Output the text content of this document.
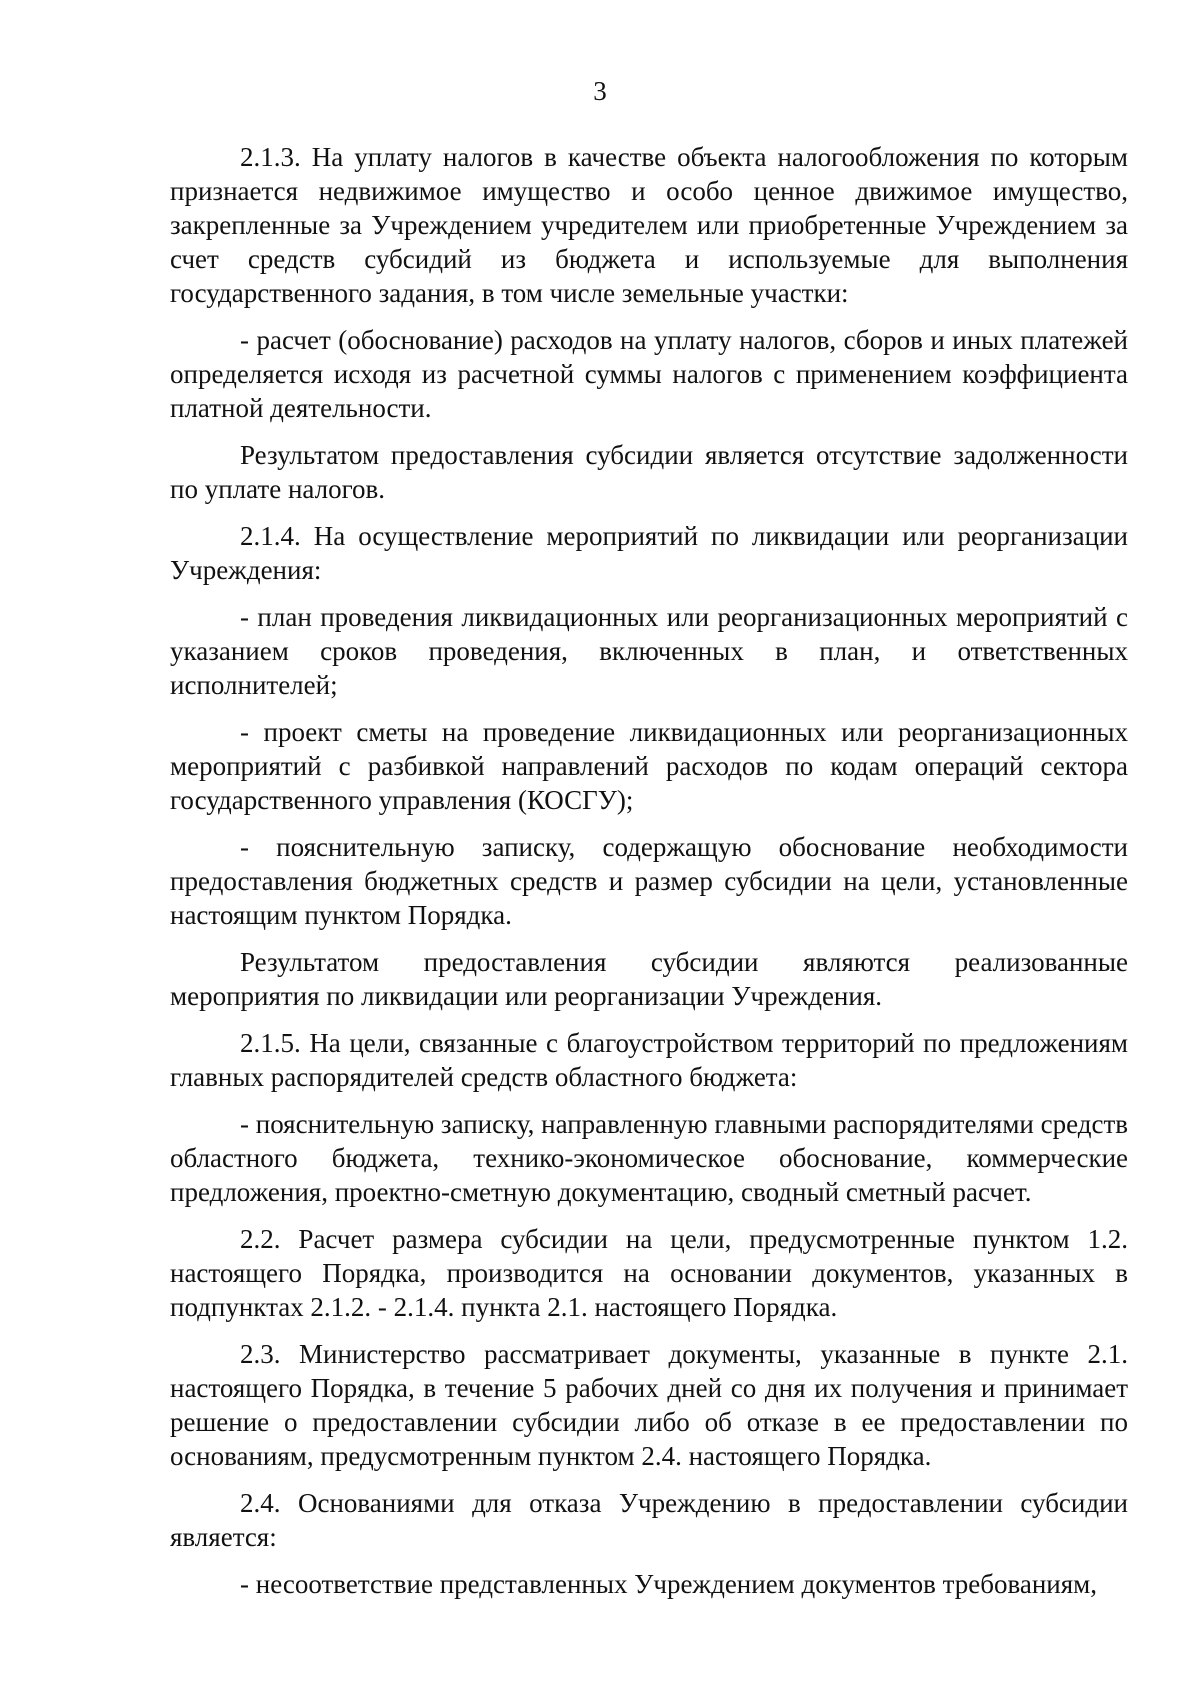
3

2.1.3. На уплату налогов в качестве объекта налогообложения по которым признается недвижимое имущество и особо ценное движимое имущество, закрепленные за Учреждением учредителем или приобретенные Учреждением за счет средств субсидий из бюджета и используемые для выполнения государственного задания, в том числе земельные участки:

- расчет (обоснование) расходов на уплату налогов, сборов и иных платежей определяется исходя из расчетной суммы налогов с применением коэффициента платной деятельности.

Результатом предоставления субсидии является отсутствие задолженности по уплате налогов.

2.1.4. На осуществление мероприятий по ликвидации или реорганизации Учреждения:

- план проведения ликвидационных или реорганизационных мероприятий с указанием сроков проведения, включенных в план, и ответственных исполнителей;

- проект сметы на проведение ликвидационных или реорганизационных мероприятий с разбивкой направлений расходов по кодам операций сектора государственного управления (КОСГУ);

- пояснительную записку, содержащую обоснование необходимости предоставления бюджетных средств и размер субсидии на цели, установленные настоящим пунктом Порядка.

Результатом предоставления субсидии являются реализованные мероприятия по ликвидации или реорганизации Учреждения.

2.1.5. На цели, связанные с благоустройством территорий по предложениям главных распорядителей средств областного бюджета:

- пояснительную записку, направленную главными распорядителями средств областного бюджета, технико-экономическое обоснование, коммерческие предложения, проектно-сметную документацию, сводный сметный расчет.

2.2. Расчет размера субсидии на цели, предусмотренные пунктом 1.2. настоящего Порядка, производится на основании документов, указанных в подпунктах 2.1.2. - 2.1.4. пункта 2.1. настоящего Порядка.

2.3. Министерство рассматривает документы, указанные в пункте 2.1. настоящего Порядка, в течение 5 рабочих дней со дня их получения и принимает решение о предоставлении субсидии либо об отказе в ее предоставлении по основаниям, предусмотренным пунктом 2.4. настоящего Порядка.

2.4. Основаниями для отказа Учреждению в предоставлении субсидии является:

- несоответствие представленных Учреждением документов требованиям,
